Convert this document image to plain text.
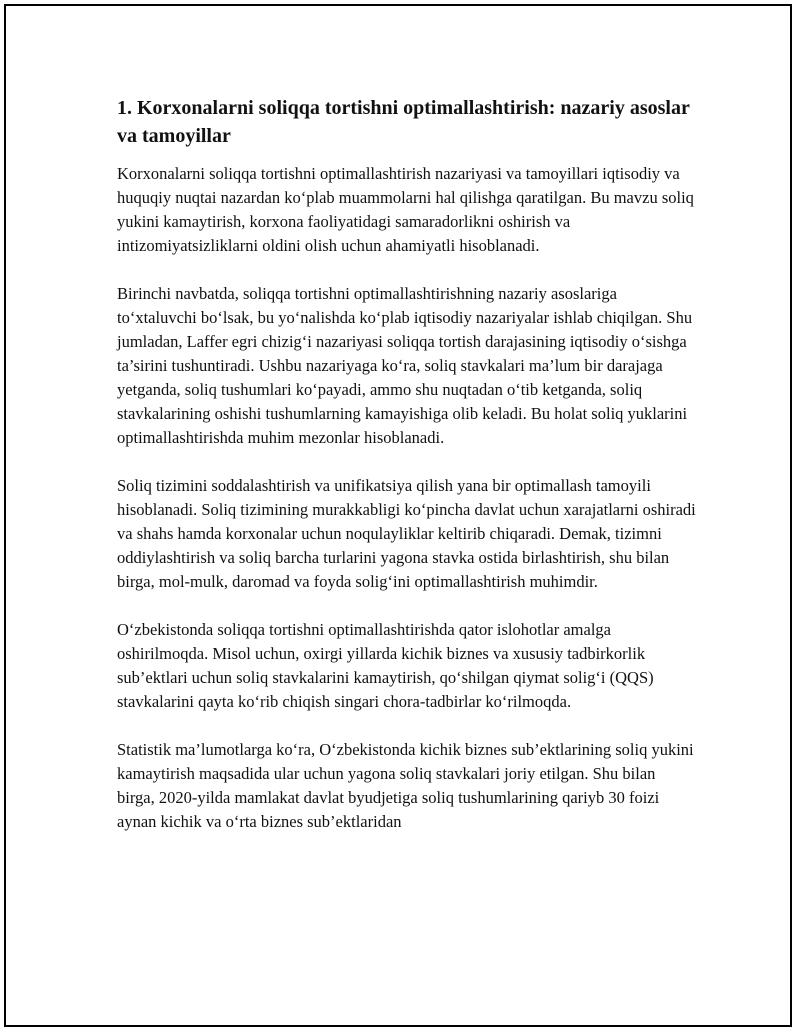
1. Korxonalarni soliqqa tortishni optimallashtirish: nazariy asoslar va tamoyillar

Korxonalarni soliqqa tortishni optimallashtirish nazariyasi va tamoyillari iqtisodiy va huquqiy nuqtai nazardan ko‘plab muammolarni hal qilishga qaratilgan. Bu mavzu soliq yukini kamaytirish, korxona faoliyatidagi samaradorlikni oshirish va intizomiyatsizliklarni oldini olish uchun ahamiyatli hisoblanadi.

Birinchi navbatda, soliqqa tortishni optimallashtirishning nazariy asoslariga to‘xtaluvchi bo‘lsak, bu yo‘nalishda ko‘plab iqtisodiy nazariyalar ishlab chiqilgan. Shu jumladan, Laffer egri chizig‘i nazariyasi soliqqa tortish darajasining iqtisodiy o‘sishga ta’sirini tushuntiradi. Ushbu nazariyaga ko‘ra, soliq stavkalari ma’lum bir darajaga yetganda, soliq tushumlari ko‘payadi, ammo shu nuqtadan o‘tib ketganda, soliq stavkalarining oshishi tushumlarning kamayishiga olib keladi. Bu holat soliq yuklarini optimallashtirishda muhim mezonlar hisoblanadi.

Soliq tizimini soddalashtirish va unifikatsiya qilish yana bir optimallash tamoyili hisoblanadi. Soliq tizimining murakkabligi ko‘pincha davlat uchun xarajatlarni oshiradi va shahs hamda korxonalar uchun noqulayliklar keltirib chiqaradi. Demak, tizimni oddiylashtirish va soliq barcha turlarini yagona stavka ostida birlashtirish, shu bilan birga, mol-mulk, daromad va foyda solig‘ini optimallashtirish muhimdir.

O‘zbekistonda soliqqa tortishni optimallashtirishda qator islohotlar amalga oshirilmoqda. Misol uchun, oxirgi yillarda kichik biznes va xususiy tadbirkorlik sub’ektlari uchun soliq stavkalarini kamaytirish, qo‘shilgan qiymat solig‘i (QQS) stavkalarini qayta ko‘rib chiqish singari chora-tadbirlar ko‘rilmoqda.

Statistik ma’lumotlarga ko‘ra, O‘zbekistonda kichik biznes sub’ektlarining soliq yukini kamaytirish maqsadida ular uchun yagona soliq stavkalari joriy etilgan. Shu bilan birga, 2020-yilda mamlakat davlat byudjetiga soliq tushumlarining qariyb 30 foizi aynan kichik va o‘rta biznes sub’ektlaridan
